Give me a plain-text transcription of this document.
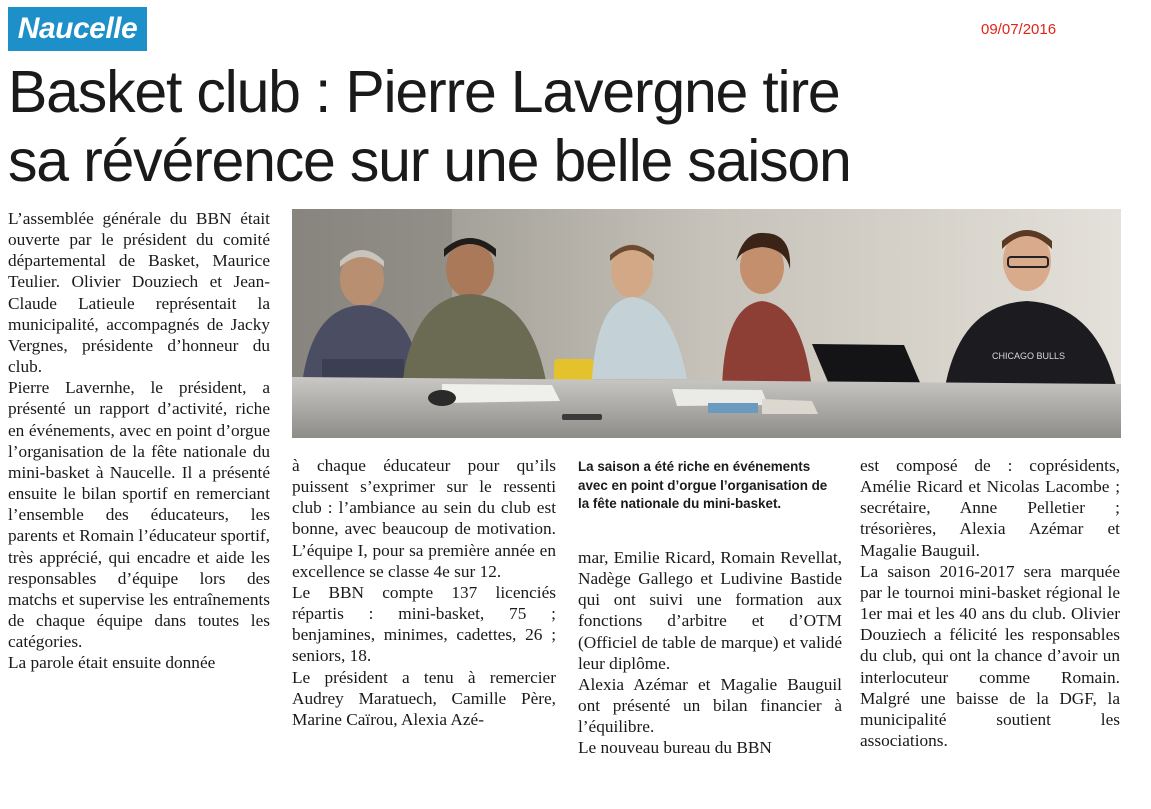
Naucelle	09/07/2016
Basket club : Pierre Lavergne tire
sa révérence sur une belle saison

L’assemblée générale du BBN était ouverte par le président du comité départemental de Basket, Maurice Teulier. Olivier Douziech et Jean-Claude Latieule représentait la municipalité, accompagnés de Jacky Vergnes, présidente d’honneur du club.

Pierre Lavernhe, le président, a présenté un rapport d’activité, riche en événements, avec en point d’orgue l’organisation de la fête nationale du mini-basket à Naucelle. Il a présenté ensuite le bilan sportif en remerciant l’ensemble des éducateurs, les parents et Romain l’éducateur sportif, très apprécié, qui encadre et aide les responsables d’équipe lors des matchs et supervise les entraînements de chaque équipe dans toutes les catégories.

La parole était ensuite donnée

CHICAGO BULLS
La saison a été riche en événements avec en point d’orgue l’organisation de la fête nationale du mini-basket.

à chaque éducateur pour qu’ils puissent s’exprimer sur le ressenti club : l’ambiance au sein du club est bonne, avec beaucoup de motivation. L’équipe I, pour sa première année en excellence se classe 4e sur 12.

Le BBN compte 137 licenciés répartis : mini-basket, 75 ; benjamines, minimes, cadettes, 26 ; seniors, 18.

Le président a tenu à remercier Audrey Maratuech, Camille Père, Marine Caïrou, Alexia Azé-

mar, Emilie Ricard, Romain Revellat, Nadège Gallego et Ludivine Bastide qui ont suivi une formation aux fonctions d’arbitre et d’OTM (Officiel de table de marque) et validé leur diplôme.

Alexia Azémar et Magalie Bauguil ont présenté un bilan financier à l’équilibre.

Le nouveau bureau du BBN

est composé de : coprésidents, Amélie Ricard et Nicolas Lacombe ; secrétaire, Anne Pelletier ; trésorières, Alexia Azémar et Magalie Bauguil.

La saison 2016-2017 sera marquée par le tournoi mini-basket régional le 1er mai et les 40 ans du club. Olivier Douziech a félicité les responsables du club, qui ont la chance d’avoir un interlocuteur comme Romain. Malgré une baisse de la DGF, la municipalité soutient les associations.
